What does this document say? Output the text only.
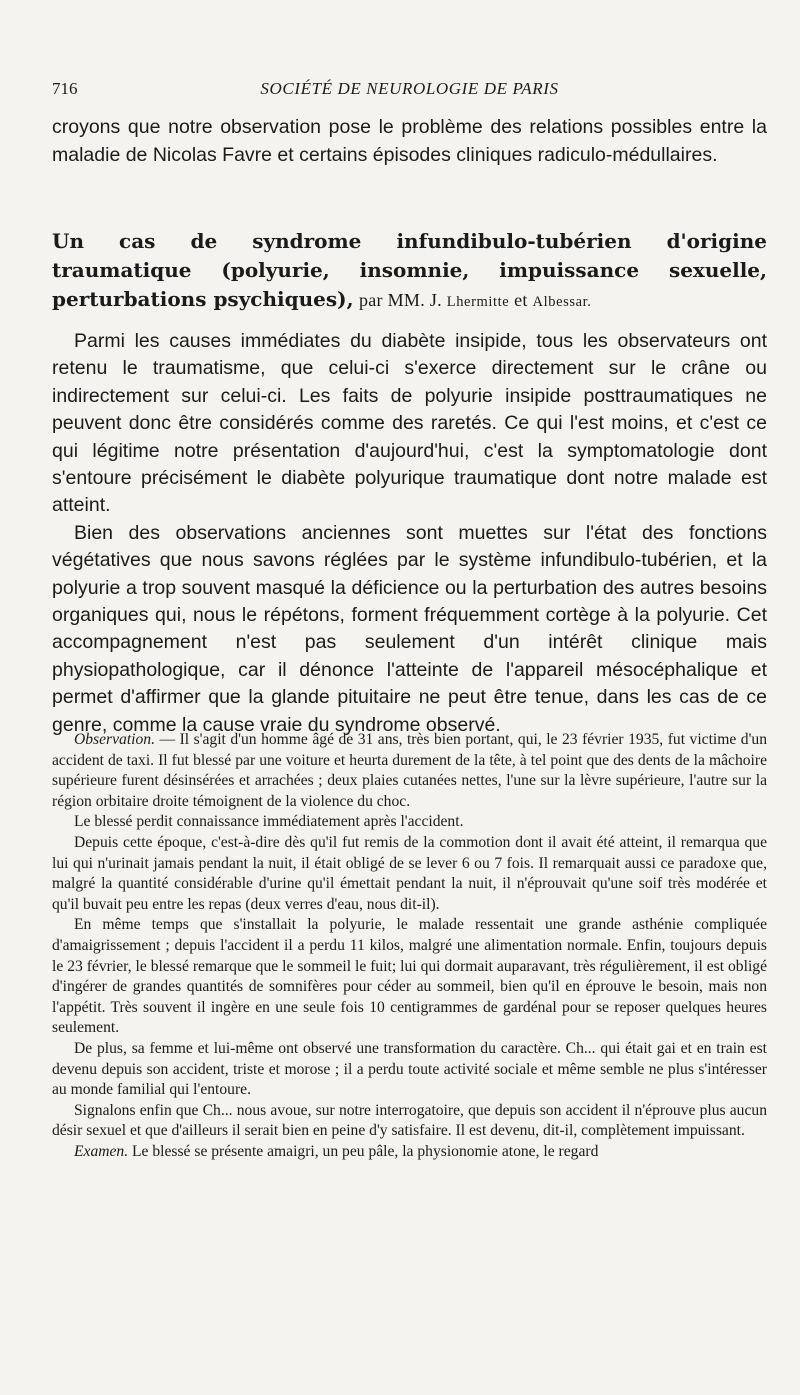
716	SOCIÉTÉ DE NEUROLOGIE DE PARIS
croyons que notre observation pose le problème des relations possibles entre la maladie de Nicolas Favre et certains épisodes cliniques radiculo-médullaires.
Un cas de syndrome infundibulo-tubérien d'origine traumatique (polyurie, insomnie, impuissance sexuelle, perturbations psychiques), par MM. J. Lhermitte et Albessar.

Parmi les causes immédiates du diabète insipide, tous les observateurs ont retenu le traumatisme, que celui-ci s'exerce directement sur le crâne ou indirectement sur celui-ci. Les faits de polyurie insipide posttraumatiques ne peuvent donc être considérés comme des raretés. Ce qui l'est moins, et c'est ce qui légitime notre présentation d'aujourd'hui, c'est la symptomatologie dont s'entoure précisément le diabète polyurique traumatique dont notre malade est atteint.

Bien des observations anciennes sont muettes sur l'état des fonctions végétatives que nous savons réglées par le système infundibulo-tubérien, et la polyurie a trop souvent masqué la déficience ou la perturbation des autres besoins organiques qui, nous le répétons, forment fréquemment cortège à la polyurie. Cet accompagnement n'est pas seulement d'un intérêt clinique mais physiopathologique, car il dénonce l'atteinte de l'appareil mésocéphalique et permet d'affirmer que la glande pituitaire ne peut être tenue, dans les cas de ce genre, comme la cause vraie du syndrome observé.

Observation. — Il s'agit d'un homme âgé de 31 ans, très bien portant, qui, le 23 février 1935, fut victime d'un accident de taxi. Il fut blessé par une voiture et heurta durement de la tête, à tel point que des dents de la mâchoire supérieure furent désinsérées et arrachées ; deux plaies cutanées nettes, l'une sur la lèvre supérieure, l'autre sur la région orbitaire droite témoignent de la violence du choc.

Le blessé perdit connaissance immédiatement après l'accident.

Depuis cette époque, c'est-à-dire dès qu'il fut remis de la commotion dont il avait été atteint, il remarqua que lui qui n'urinait jamais pendant la nuit, il était obligé de se lever 6 ou 7 fois. Il remarquait aussi ce paradoxe que, malgré la quantité considérable d'urine qu'il émettait pendant la nuit, il n'éprouvait qu'une soif très modérée et qu'il buvait peu entre les repas (deux verres d'eau, nous dit-il).

En même temps que s'installait la polyurie, le malade ressentait une grande asthénie compliquée d'amaigrissement ; depuis l'accident il a perdu 11 kilos, malgré une alimentation normale. Enfin, toujours depuis le 23 février, le blessé remarque que le sommeil le fuit; lui qui dormait auparavant, très régulièrement, il est obligé d'ingérer de grandes quantités de somnifères pour céder au sommeil, bien qu'il en éprouve le besoin, mais non l'appétit. Très souvent il ingère en une seule fois 10 centigrammes de gardénal pour se reposer quelques heures seulement.

De plus, sa femme et lui-même ont observé une transformation du caractère. Ch... qui était gai et en train est devenu depuis son accident, triste et morose ; il a perdu toute activité sociale et même semble ne plus s'intéresser au monde familial qui l'entoure.

Signalons enfin que Ch... nous avoue, sur notre interrogatoire, que depuis son accident il n'éprouve plus aucun désir sexuel et que d'ailleurs il serait bien en peine d'y satisfaire. Il est devenu, dit-il, complètement impuissant.

Examen. Le blessé se présente amaigri, un peu pâle, la physionomie atone, le regard
